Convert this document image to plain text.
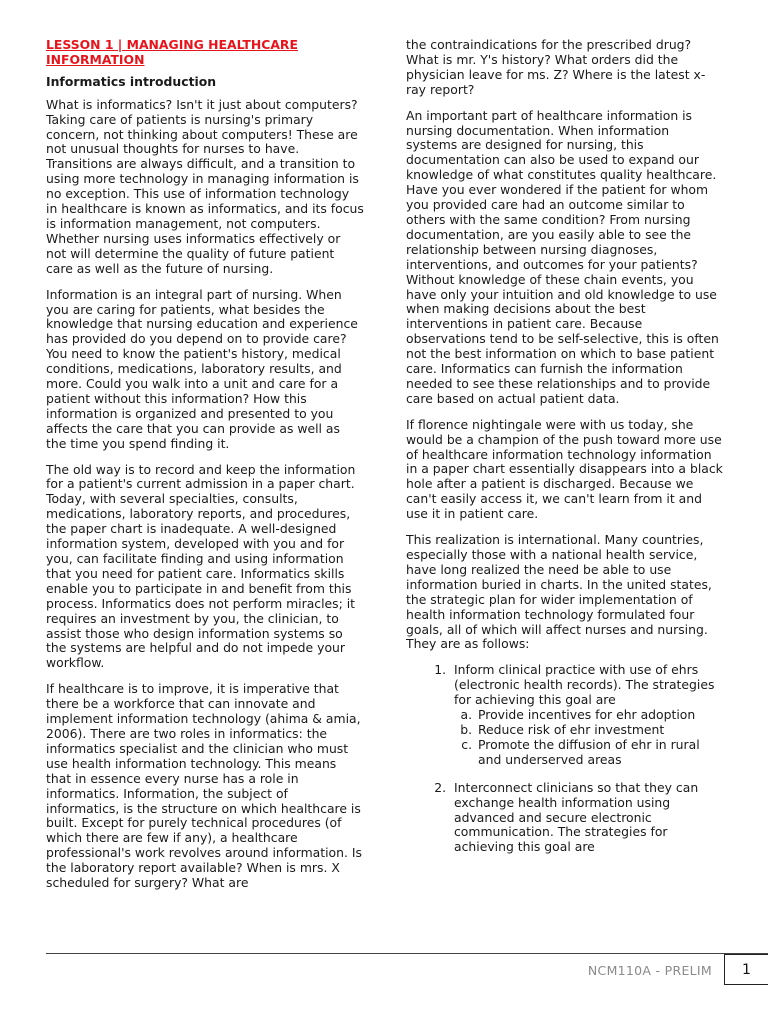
LESSON 1 | MANAGING HEALTHCARE INFORMATION
Informatics introduction

What is informatics? Isn't it just about computers? Taking care of patients is nursing's primary concern, not thinking about computers! These are not unusual thoughts for nurses to have. Transitions are always difficult, and a transition to using more technology in managing information is no exception. This use of information technology in healthcare is known as informatics, and its focus is information management, not computers. Whether nursing uses informatics effectively or not will determine the quality of future patient care as well as the future of nursing.

Information is an integral part of nursing. When you are caring for patients, what besides the knowledge that nursing education and experience has provided do you depend on to provide care? You need to know the patient's history, medical conditions, medications, laboratory results, and more. Could you walk into a unit and care for a patient without this information? How this information is organized and presented to you affects the care that you can provide as well as the time you spend finding it.

The old way is to record and keep the information for a patient's current admission in a paper chart. Today, with several specialties, consults, medications, laboratory reports, and procedures, the paper chart is inadequate. A well-designed information system, developed with you and for you, can facilitate finding and using information that you need for patient care. Informatics skills enable you to participate in and benefit from this process. Informatics does not perform miracles; it requires an investment by you, the clinician, to assist those who design information systems so the systems are helpful and do not impede your workflow.

If healthcare is to improve, it is imperative that there be a workforce that can innovate and implement information technology (ahima & amia, 2006). There are two roles in informatics: the informatics specialist and the clinician who must use health information technology. This means that in essence every nurse has a role in informatics. Information, the subject of informatics, is the structure on which healthcare is built. Except for purely technical procedures (of which there are few if any), a healthcare professional's work revolves around information. Is the laboratory report available? When is mrs. X scheduled for surgery? What are

the contraindications for the prescribed drug? What is mr. Y's history? What orders did the physician leave for ms. Z? Where is the latest x-ray report?

An important part of healthcare information is nursing documentation. When information systems are designed for nursing, this documentation can also be used to expand our knowledge of what constitutes quality healthcare. Have you ever wondered if the patient for whom you provided care had an outcome similar to others with the same condition? From nursing documentation, are you easily able to see the relationship between nursing diagnoses, interventions, and outcomes for your patients? Without knowledge of these chain events, you have only your intuition and old knowledge to use when making decisions about the best interventions in patient care. Because observations tend to be self-selective, this is often not the best information on which to base patient care. Informatics can furnish the information needed to see these relationships and to provide care based on actual patient data.

If florence nightingale were with us today, she would be a champion of the push toward more use of healthcare information technology information in a paper chart essentially disappears into a black hole after a patient is discharged. Because we can't easily access it, we can't learn from it and use it in patient care.

This realization is international. Many countries, especially those with a national health service, have long realized the need be able to use information buried in charts. In the united states, the strategic plan for wider implementation of health information technology formulated four goals, all of which will affect nurses and nursing. They are as follows:

1. Inform clinical practice with use of ehrs (electronic health records). The strategies for achieving this goal are
a. Provide incentives for ehr adoption
b. Reduce risk of ehr investment
c. Promote the diffusion of ehr in rural and underserved areas
2. Interconnect clinicians so that they can exchange health information using advanced and secure electronic communication. The strategies for achieving this goal are
NCM110A - PRELIM	1
